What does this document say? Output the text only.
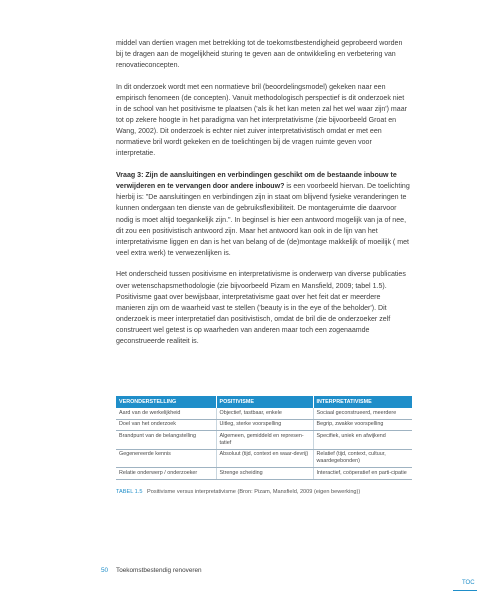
middel van dertien vragen met betrekking tot de toekomstbestendigheid geprobeerd worden bij te dragen aan de mogelijkheid sturing te geven aan de ontwikkeling en verbetering van renovatieconcepten.

In dit onderzoek wordt met een normatieve bril (beoordelingsmodel) gekeken naar een empirisch fenomeen (de concepten). Vanuit methodologisch perspectief is dit onderzoek niet in de school van het positivisme te plaatsen ('als ik het kan meten zal het wel waar zijn') maar tot op zekere hoogte in het paradigma van het interpretativisme (zie bijvoorbeeld Groat en Wang, 2002). Dit onderzoek is echter niet zuiver interpretativistisch omdat er met een normatieve bril wordt gekeken en de toelichtingen bij de vragen ruimte geven voor interpretatie.

Vraag 3: Zijn de aansluitingen en verbindingen geschikt om de bestaande inbouw te verwijderen en te vervangen door andere inbouw? is een voorbeeld hiervan. De toelichting hierbij is: "De aansluitingen en verbindingen zijn in staat om blijvend fysieke veranderingen te kunnen ondergaan ten dienste van de gebruiksflexibiliteit. De montageruimte die daarvoor nodig is moet altijd toegankelijk zijn.". In beginsel is hier een antwoord mogelijk van ja of nee, dit zou een positivistisch antwoord zijn. Maar het antwoord kan ook in de lijn van het interpretativisme liggen en dan is het van belang of de (de)montage makkelijk of moeilijk ( met veel extra werk) te verwezenlijken is.

Het onderscheid tussen positivisme en interpretativisme is onderwerp van diverse publicaties over wetenschapsmethodologie (zie bijvoorbeeld Pizam en Mansfield, 2009; tabel 1.5). Positivisme gaat over bewijsbaar, interpretativisme gaat over het feit dat er meerdere manieren zijn om de waarheid vast te stellen ('beauty is in the eye of the beholder'). Dit onderzoek is meer interpretatief dan positivistisch, omdat de bril die de onderzoeker zelf construeert wel getest is op waarheden van anderen maar toch een zogenaamde geconstrueerde realiteit is.

VERONDERSTELLING	POSITIVISME	INTERPRETATIVISME
Aard van de werkelijkheid	Objectief, tastbaar, enkele	Sociaal geconstrueerd, meerdere
Doel van het onderzoek	Uitleg, sterke voorspelling	Begrip, zwakke voorspelling
Brandpunt van de belangstelling	Algemeen, gemiddeld en represen-tatief	Specifiek, uniek en afwijkend
Gegenereerde kennis	Absoluut (tijd, context en waar-devrij)	Relatief (tijd, context, cultuur, waardegebonden)
Relatie onderwerp / onderzoeker	Strenge scheiding	Interactief, coöperatief en parti-cipatie
TABEL 1.5 Positivisme versus interpretativisme (Bron: Pizam, Mansfield, 2009 (eigen bewerking))
50 Toekomstbestendig renoveren
TOC
